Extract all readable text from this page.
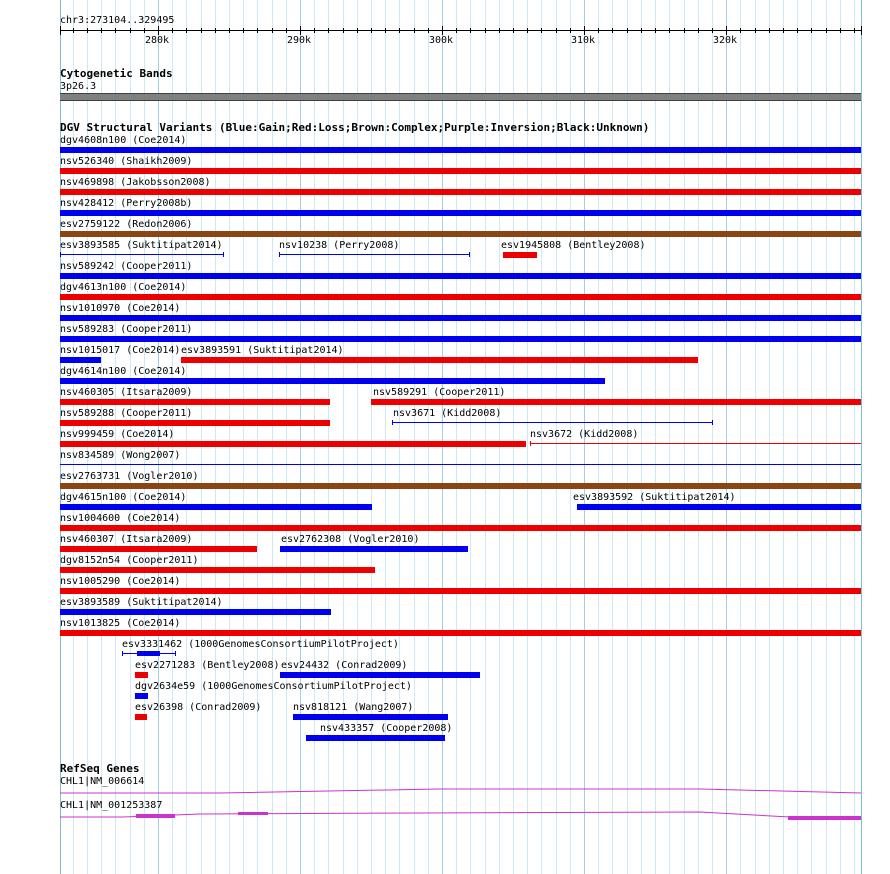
chr3:273104..329495
280k	290k	300k	310k	320k
Cytogenetic Bands
3p26.3
DGV Structural Variants (Blue:Gain;Red:Loss;Brown:Complex;Purple:Inversion;Black:Unknown)
dgv4608n100 (Coe2014)
nsv526340 (Shaikh2009)
nsv469898 (Jakobsson2008)
nsv428412 (Perry2008b)
esv2759122 (Redon2006)
esv3893585 (Suktitipat2014)	nsv10238 (Perry2008)	esv1945808 (Bentley2008)
nsv589242 (Cooper2011)
dgv4613n100 (Coe2014)
nsv1010970 (Coe2014)
nsv589283 (Cooper2011)
nsv1015017 (Coe2014) esv3893591 (Suktitipat2014)
dgv4614n100 (Coe2014)
nsv460305 (Itsara2009)	nsv589291 (Cooper2011)
nsv589288 (Cooper2011)	nsv3671 (Kidd2008)
nsv999459 (Coe2014)	nsv3672 (Kidd2008)
nsv834589 (Wong2007)
esv2763731 (Vogler2010)
dgv4615n100 (Coe2014)	esv3893592 (Suktitipat2014)
nsv1004600 (Coe2014)
nsv460307 (Itsara2009)	esv2762308 (Vogler2010)
dgv8152n54 (Cooper2011)
nsv1005290 (Coe2014)
esv3893589 (Suktitipat2014)
nsv1013825 (Coe2014)
esv3331462 (1000GenomesConsortiumPilotProject)
esv2271283 (Bentley2008) esv24432 (Conrad2009)
dgv2634e59 (1000GenomesConsortiumPilotProject)
esv26398 (Conrad2009)	nsv818121 (Wang2007)
nsv433357 (Cooper2008)
RefSeq Genes
CHL1|NM_006614
CHL1|NM_001253387
